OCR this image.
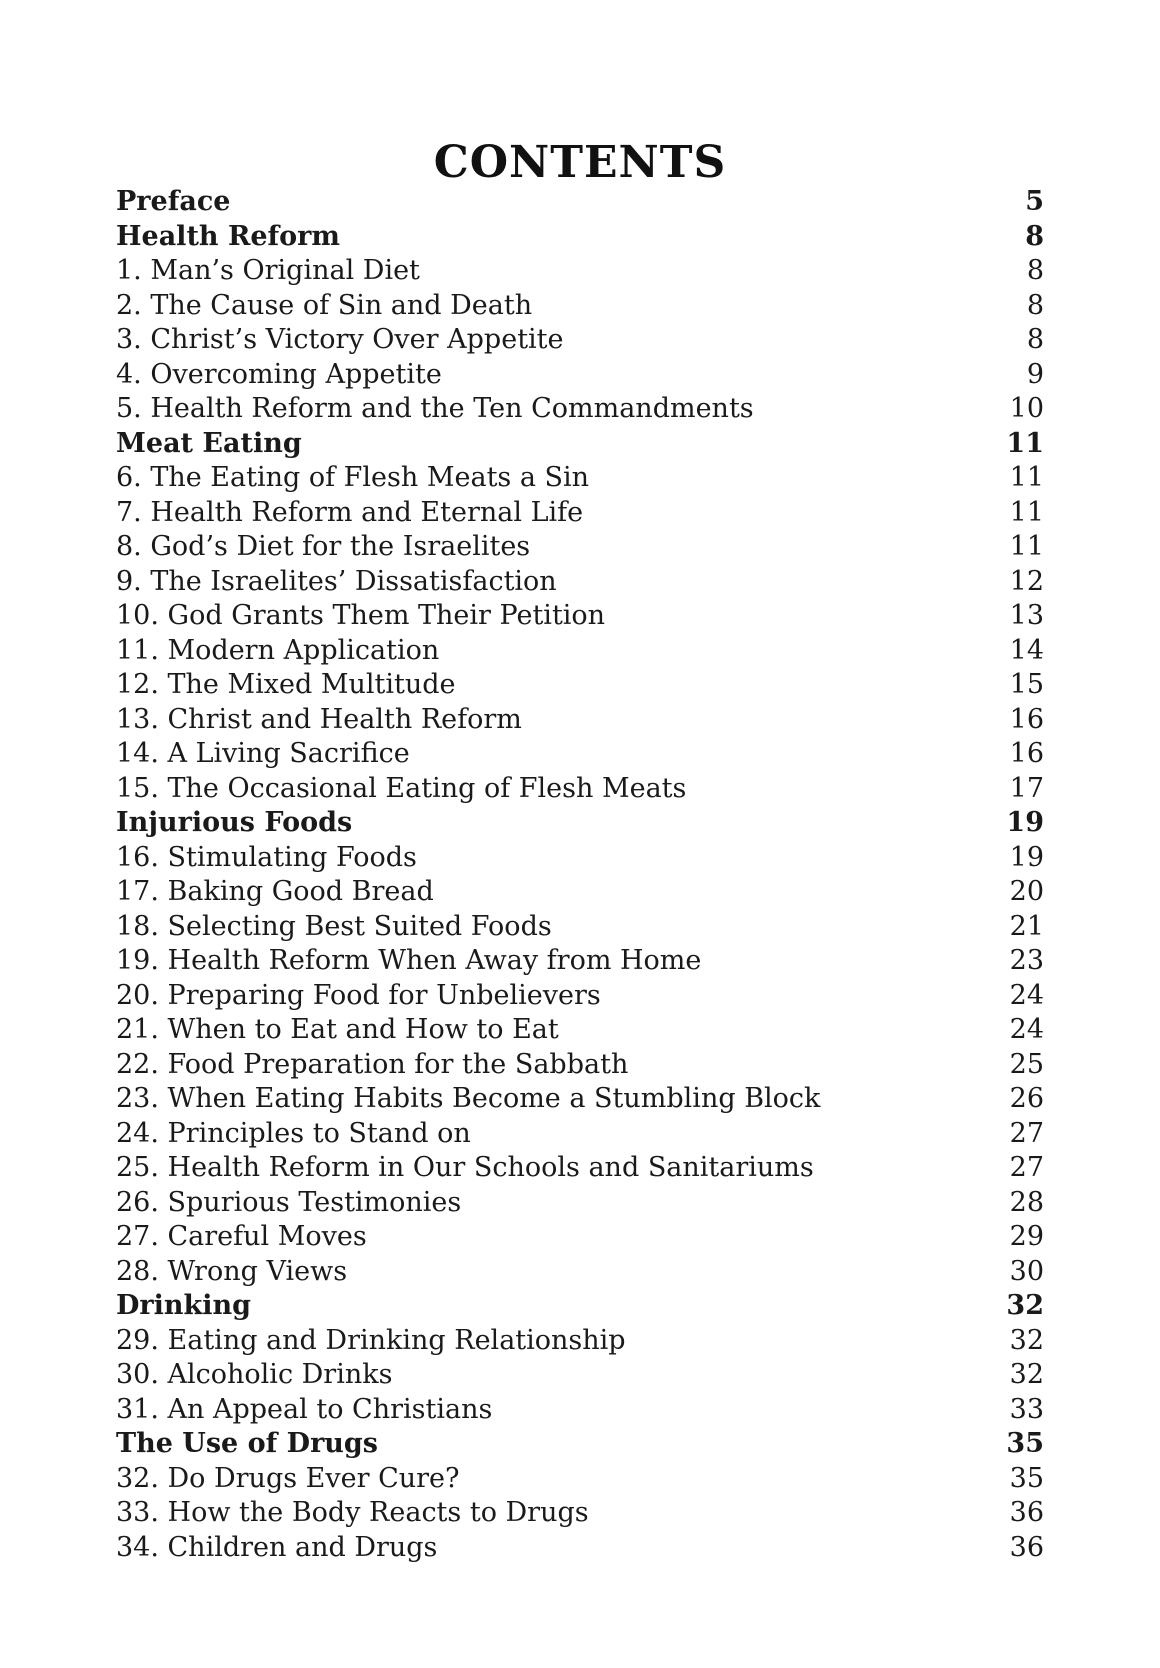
CONTENTS
Preface	5
Health Reform	8
1. Man’s Original Diet	8
2. The Cause of Sin and Death	8
3. Christ’s Victory Over Appetite	8
4. Overcoming Appetite	9
5. Health Reform and the Ten Commandments	10
Meat Eating	11
6. The Eating of Flesh Meats a Sin	11
7. Health Reform and Eternal Life	11
8. God’s Diet for the Israelites	11
9. The Israelites’ Dissatisfaction	12
10. God Grants Them Their Petition	13
11. Modern Application	14
12. The Mixed Multitude	15
13. Christ and Health Reform	16
14. A Living Sacrifice	16
15. The Occasional Eating of Flesh Meats	17
Injurious Foods	19
16. Stimulating Foods	19
17. Baking Good Bread	20
18. Selecting Best Suited Foods	21
19. Health Reform When Away from Home	23
20. Preparing Food for Unbelievers	24
21. When to Eat and How to Eat	24
22. Food Preparation for the Sabbath	25
23. When Eating Habits Become a Stumbling Block	26
24. Principles to Stand on	27
25. Health Reform in Our Schools and Sanitariums	27
26. Spurious Testimonies	28
27. Careful Moves	29
28. Wrong Views	30
Drinking	32
29. Eating and Drinking Relationship	32
30. Alcoholic Drinks	32
31. An Appeal to Christians	33
The Use of Drugs	35
32. Do Drugs Ever Cure?	35
33. How the Body Reacts to Drugs	36
34. Children and Drugs	36
